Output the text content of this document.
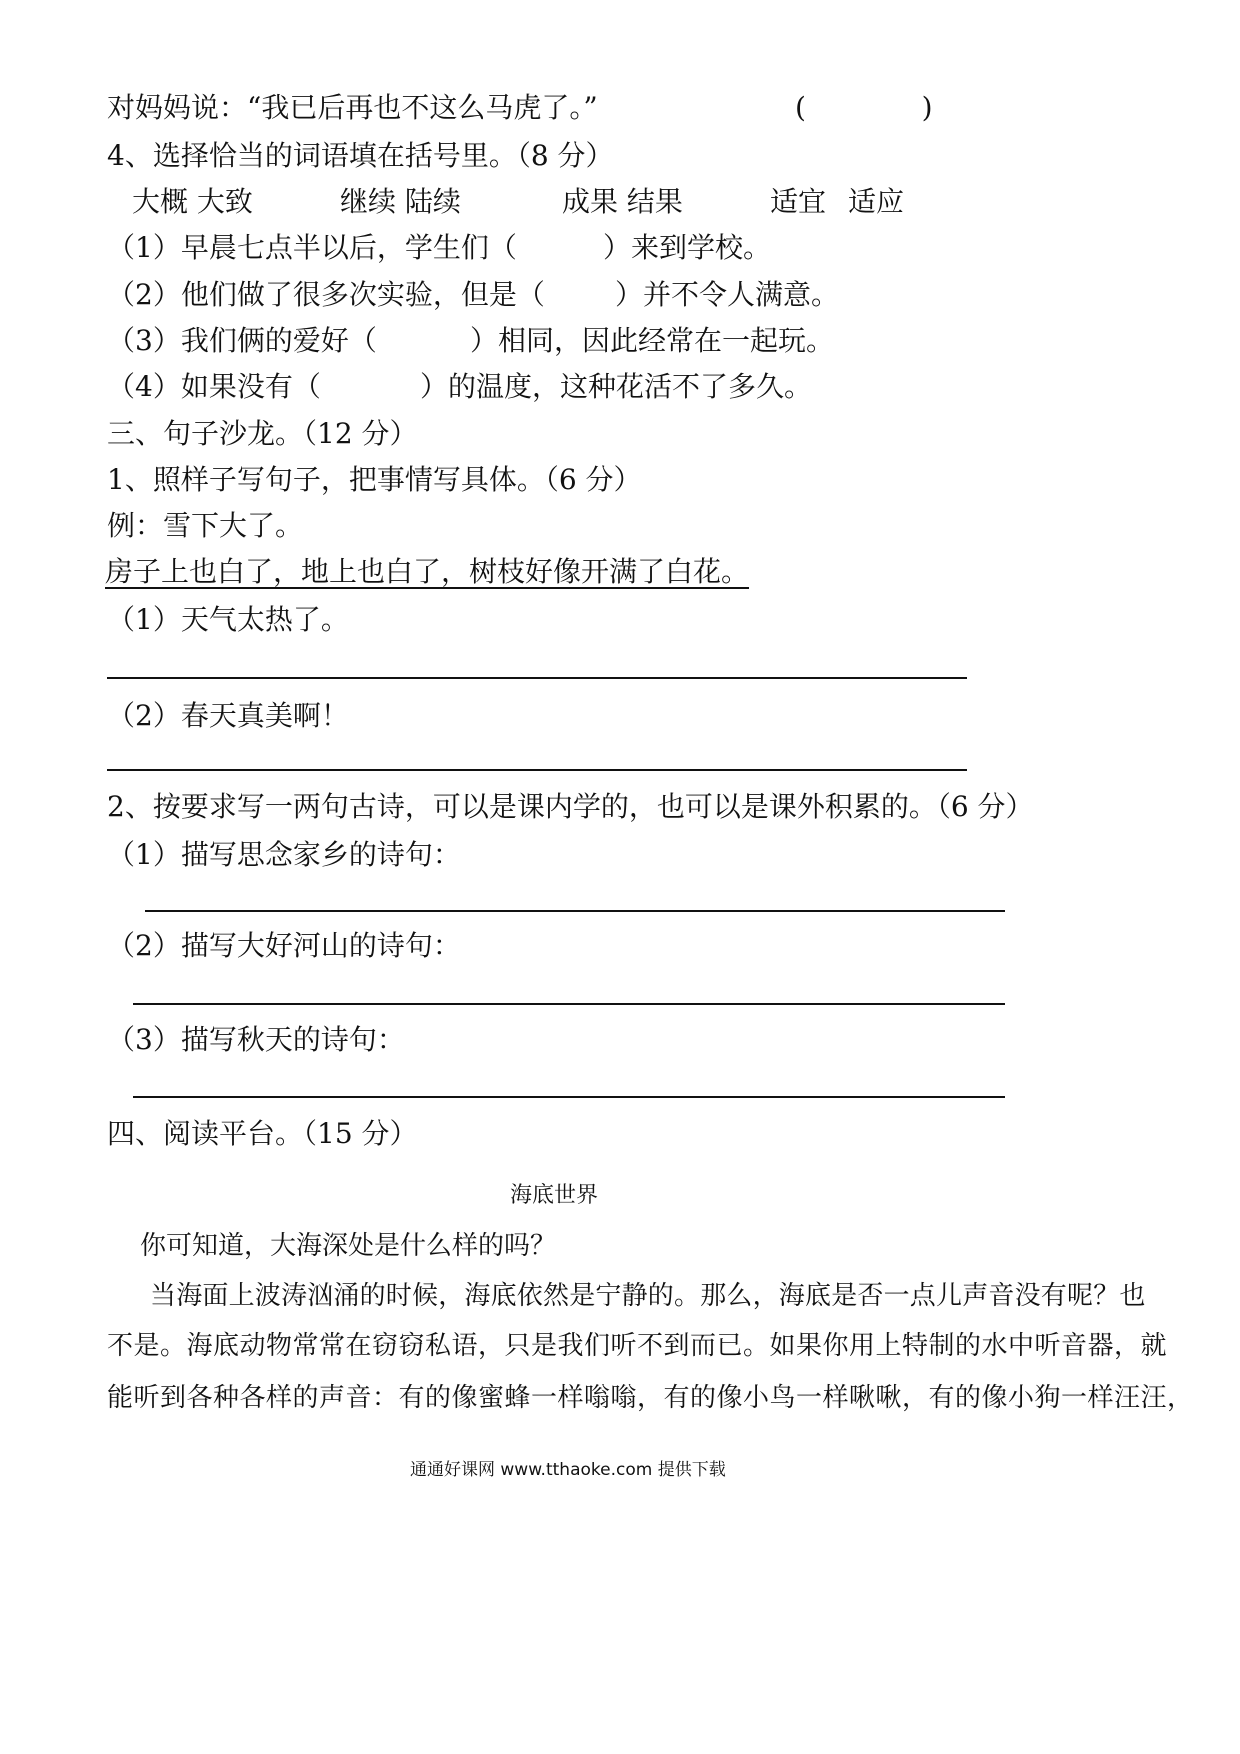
对妈妈说：“我已后再也不这么马虎了。”	(             )
4、选择恰当的词语填在括号里。（8 分）
大概 大致	继续 陆续	成果 结果	适宜 适应
（1）早晨七点半以后，学生们（	）来到学校。
（2）他们做了很多次实验，但是（	）并不令人满意。
（3）我们俩的爱好（	）相同，因此经常在一起玩。
（4）如果没有（	）的温度，这种花活不了多久。
三、句子沙龙。（12 分）
1、照样子写句子，把事情写具体。（6 分）
例：雪下大了。
房子上也白了，地上也白了，树枝好像开满了白花。
（1）天气太热了。
（2）春天真美啊！
2、按要求写一两句古诗，可以是课内学的，也可以是课外积累的。（6 分）
（1）描写思念家乡的诗句：
（2）描写大好河山的诗句：
（3）描写秋天的诗句：
四、阅读平台。（15 分）
海底世界
你可知道，大海深处是什么样的吗？
当海面上波涛汹涌的时候，海底依然是宁静的。那么，海底是否一点儿声音没有呢？也
不是。海底动物常常在窃窃私语，只是我们听不到而已。如果你用上特制的水中听音器，就
能听到各种各样的声音：有的像蜜蜂一样嗡嗡，有的像小鸟一样啾啾，有的像小狗一样汪汪，
通通好课网 www.tthaoke.com 提供下载
